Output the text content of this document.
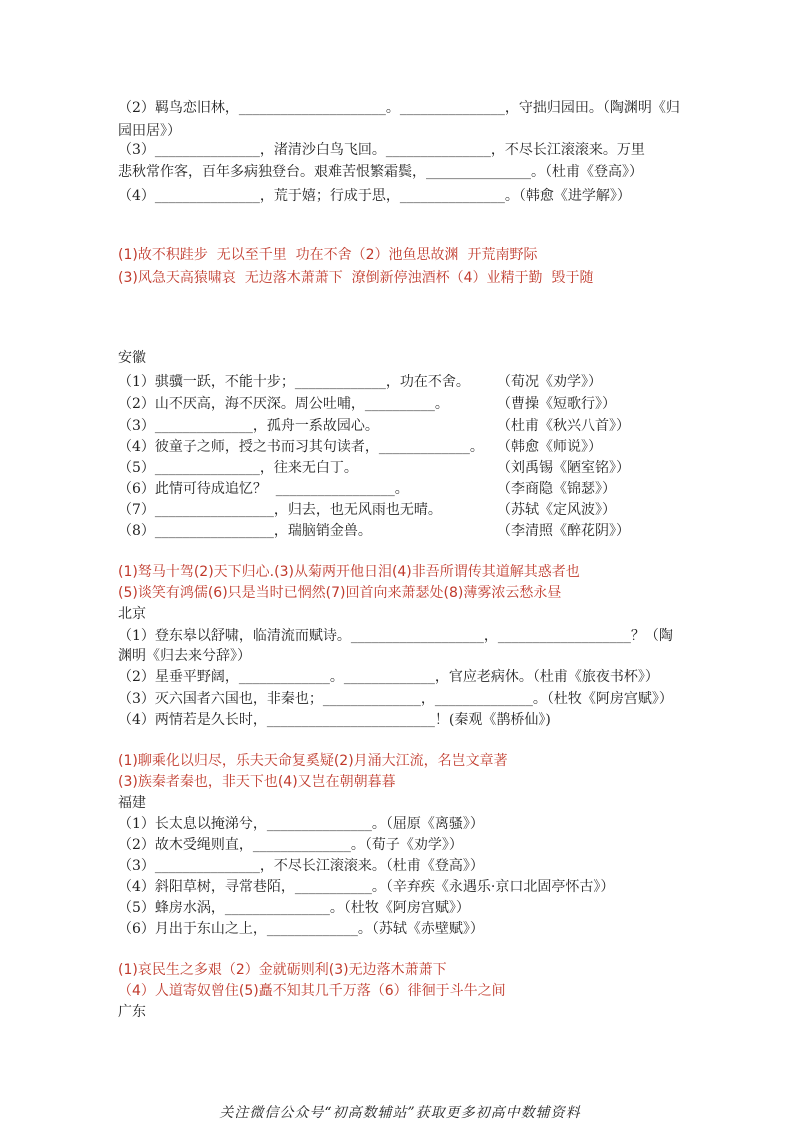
（2）羁鸟恋旧林，_____________________。_______________，守拙归园田。（陶渊明《归
园田居》）
（3）_______________，渚清沙白鸟飞回。_______________，不尽长江滚滚来。万里
悲秋常作客，百年多病独登台。艰难苦恨繁霜鬓，_______________。（杜甫《登高》）
（4）_______________，荒于嬉；行成于思，_______________。（韩愈《进学解》）
(1)故不积跬步  无以至千里  功在不舍（2）池鱼思故渊  开荒南野际
(3)风急天高猿啸哀  无边落木萧萧下  潦倒新停浊酒杯（4）业精于勤  毁于随
安徽
（1）骐骥一跃，不能十步；_____________，功在不舍。 （荀况《劝学》）
（2）山不厌高，海不厌深。周公吐哺，__________。	（曹操《短歌行》）
（3）______________，孤舟一系故园心。	（杜甫《秋兴八首》）
（4）彼童子之师，授之书而习其句读者，_____________。 （韩愈《师说》）
（5）_______________，往来无白丁。	（刘禹锡《陋室铭》）
（6）此情可待成追忆？  _________________。	（李商隐《锦瑟》）
（7）_________________，归去，也无风雨也无晴。	（苏轼《定风波》）
（8）_________________，瑞脑销金兽。	（李清照《醉花阴》）
(1)驽马十驾(2)天下归心.(3)从菊两开他日泪(4)非吾所谓传其道解其惑者也
(5)谈笑有鸿儒(6)只是当时已惘然(7)回首向来萧瑟处(8)薄雾浓云愁永昼
北京
（1）登东皋以舒啸，临清流而赋诗。___________________，___________________？（陶
渊明《归去来兮辞》）
（2）星垂平野阔，_____________。_____________，官应老病休。（杜甫《旅夜书杯》）
（3）灭六国者六国也，非秦也；______________，______________。（杜牧《阿房宫赋》）
（4）两情若是久长时，________________________！(秦观《鹊桥仙》)
(1)聊乘化以归尽，乐夫天命复奚疑(2)月涌大江流，名岂文章著
(3)族秦者秦也，非天下也(4)又岂在朝朝暮暮
福建
（1）长太息以掩涕兮，_______________。（屈原《离骚》）
（2）故木受绳则直，______________。（荀子《劝学》）
（3）_______________，不尽长江滚滚来。（杜甫《登高》）
（4）斜阳草树，寻常巷陌，___________。（辛弃疾《永遇乐·京口北固亭怀古》）
（5）蜂房水涡，_______________。（杜牧《阿房宫赋》）
（6）月出于东山之上，_____________。（苏轼《赤壁赋》）
(1)哀民生之多艰（2）金就砺则利(3)无边落木萧萧下
（4）人道寄奴曾住(5)矗不知其几千万落（6）徘徊于斗牛之间
广东
关注微信公众号“初高数辅站”获取更多初高中数辅资料
